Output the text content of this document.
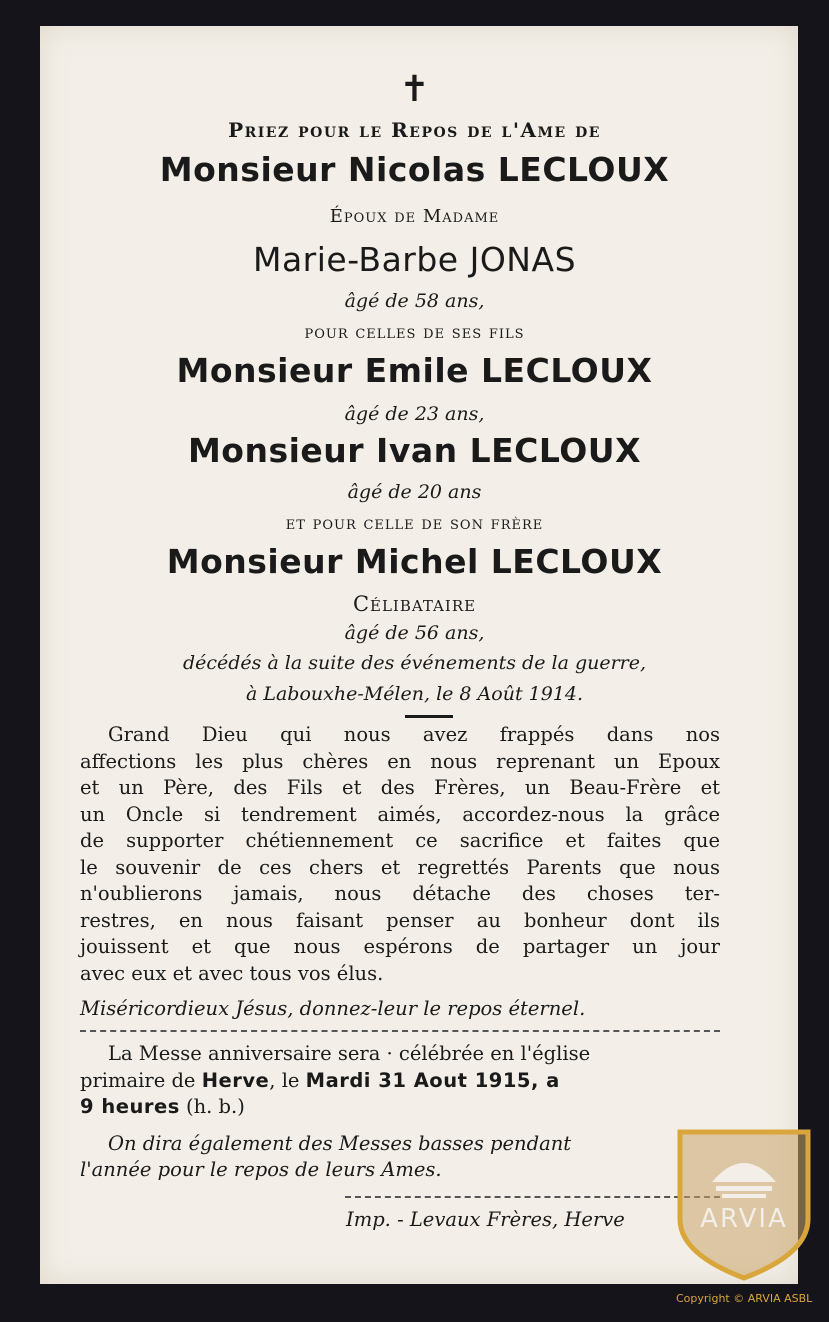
✝
Priez pour le Repos de l'Ame de
Monsieur Nicolas LECLOUX
Époux de Madame
Marie-Barbe JONAS
âgé de 58 ans,
pour celles de ses fils
Monsieur Emile LECLOUX
âgé de 23 ans,
Monsieur Ivan LECLOUX
âgé de 20 ans
et pour celle de son frère
Monsieur Michel LECLOUX
Célibataire
âgé de 56 ans,
décédés à la suite des événements de la guerre,
à Labouxhe-Mélen, le 8 Août 1914.
Grand Dieu qui nous avez frappés dans nos
affections les plus chères en nous reprenant un Epoux
et un Père, des Fils et des Frères, un Beau-Frère et
un Oncle si tendrement aimés, accordez-nous la grâce
de supporter chétiennement ce sacrifice et faites que
le souvenir de ces chers et regrettés Parents que nous
n'oublierons jamais, nous détache des choses ter-
restres, en nous faisant penser au bonheur dont ils
jouissent et que nous espérons de partager un jour
avec eux et avec tous vos élus.
Miséricordieux Jésus, donnez-leur le repos éternel.
La Messe anniversaire sera · célébrée en l'église
primaire de Herve, le Mardi 31 Aout 1915, a
9 heures (h. b.)
On dira également des Messes basses pendant
l'année pour le repos de leurs Ames.
Imp. - Levaux Frères, Herve	ARVIA
Copyright © ARVIA ASBL
